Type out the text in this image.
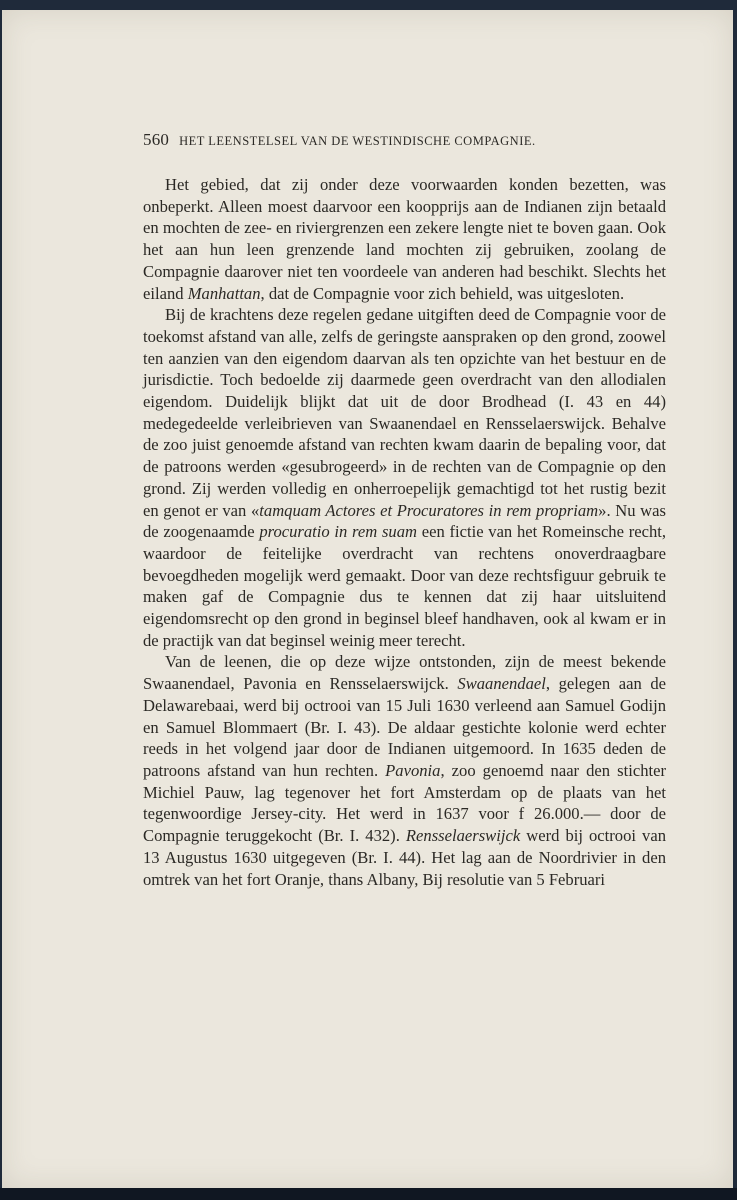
560 HET LEENSTELSEL VAN DE WESTINDISCHE COMPAGNIE.

Het gebied, dat zij onder deze voorwaarden konden bezetten, was onbeperkt. Alleen moest daarvoor een koopprijs aan de Indianen zijn betaald en mochten de zee- en riviergrenzen een zekere lengte niet te boven gaan. Ook het aan hun leen grenzende land mochten zij gebruiken, zoolang de Compagnie daarover niet ten voordeele van anderen had beschikt. Slechts het eiland Manhattan, dat de Compagnie voor zich behield, was uitgesloten.

Bij de krachtens deze regelen gedane uitgiften deed de Compagnie voor de toekomst afstand van alle, zelfs de geringste aanspraken op den grond, zoowel ten aanzien van den eigendom daarvan als ten opzichte van het bestuur en de jurisdictie. Toch bedoelde zij daarmede geen overdracht van den allodialen eigendom. Duidelijk blijkt dat uit de door Brodhead (I. 43 en 44) medegedeelde verleibrieven van Swaanendael en Rensselaerswijck. Behalve de zoo juist genoemde afstand van rechten kwam daarin de bepaling voor, dat de patroons werden «gesubrogeerd» in de rechten van de Compagnie op den grond. Zij werden volledig en onherroepelijk gemachtigd tot het rustig bezit en genot er van «tamquam Actores et Procuratores in rem propriam». Nu was de zoogenaamde procuratio in rem suam een fictie van het Romeinsche recht, waardoor de feitelijke overdracht van rechtens onoverdraagbare bevoegdheden mogelijk werd gemaakt. Door van deze rechtsfiguur gebruik te maken gaf de Compagnie dus te kennen dat zij haar uitsluitend eigendomsrecht op den grond in beginsel bleef handhaven, ook al kwam er in de practijk van dat beginsel weinig meer terecht.

Van de leenen, die op deze wijze ontstonden, zijn de meest bekende Swaanendael, Pavonia en Rensselaerswijck. Swaanendael, gelegen aan de Delawarebaai, werd bij octrooi van 15 Juli 1630 verleend aan Samuel Godijn en Samuel Blommaert (Br. I. 43). De aldaar gestichte kolonie werd echter reeds in het volgend jaar door de Indianen uitgemoord. In 1635 deden de patroons afstand van hun rechten. Pavonia, zoo genoemd naar den stichter Michiel Pauw, lag tegenover het fort Amsterdam op de plaats van het tegenwoordige Jersey-city. Het werd in 1637 voor f 26.000.— door de Compagnie teruggekocht (Br. I. 432). Rensselaerswijck werd bij octrooi van 13 Augustus 1630 uitgegeven (Br. I. 44). Het lag aan de Noordrivier in den omtrek van het fort Oranje, thans Albany, Bij resolutie van 5 Februari
